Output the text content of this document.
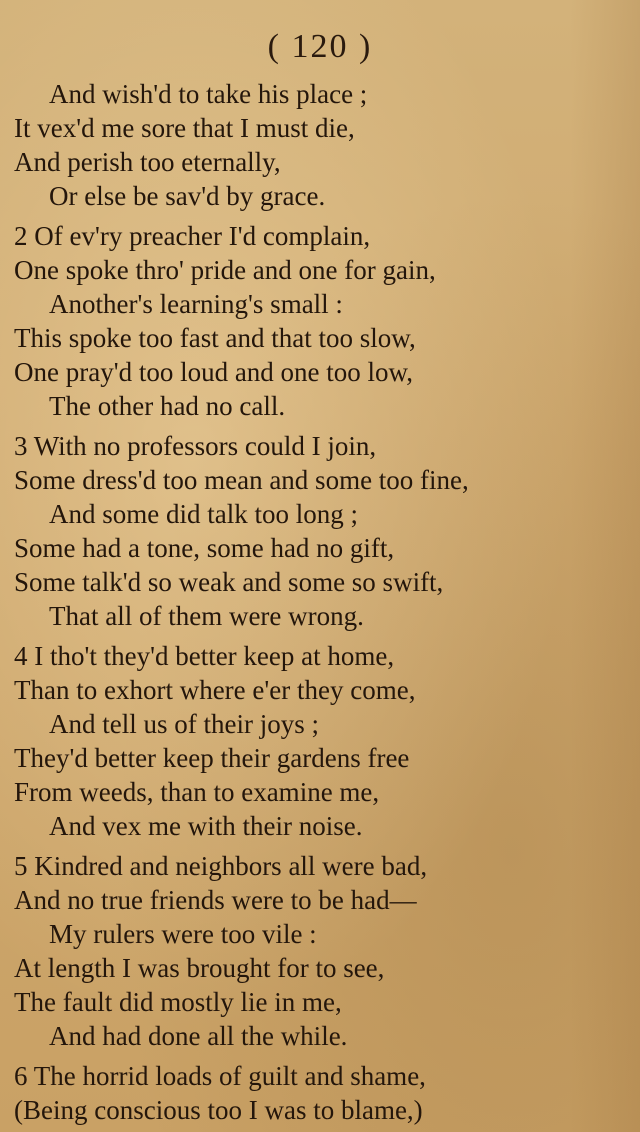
( 120 )
And wish'd to take his place ;
It vex'd me sore that I must die,
And perish too eternally,
Or else be sav'd by grace.
2 Of ev'ry preacher I'd complain,
One spoke thro' pride and one for gain,
Another's learning's small :
This spoke too fast and that too slow,
One pray'd too loud and one too low,
The other had no call.
3 With no professors could I join,
Some dress'd too mean and some too fine,
And some did talk too long ;
Some had a tone, some had no gift,
Some talk'd so weak and some so swift,
That all of them were wrong.
4 I tho't they'd better keep at home,
Than to exhort where e'er they come,
And tell us of their joys ;
They'd better keep their gardens free
From weeds, than to examine me,
And vex me with their noise.
5 Kindred and neighbors all were bad,
And no true friends were to be had—
My rulers were too vile :
At length I was brought for to see,
The fault did mostly lie in me,
And had done all the while.
6 The horrid loads of guilt and shame,
(Being conscious too I was to blame,)
